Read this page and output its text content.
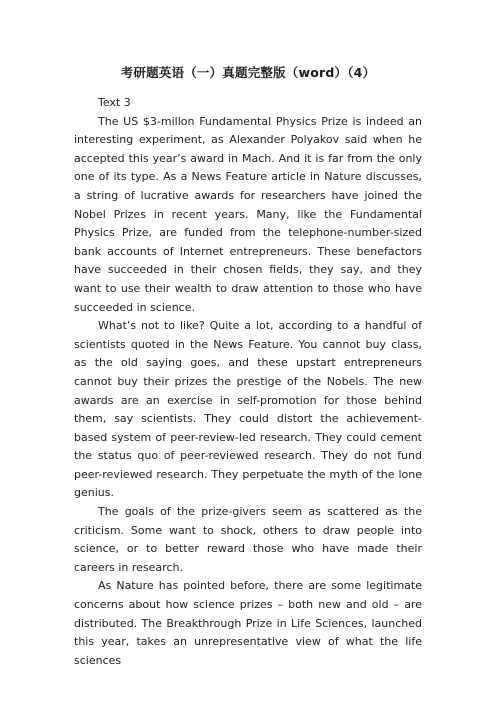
考研题英语（一）真题完整版（word）（4）

Text 3

The US $3-millon Fundamental Physics Prize is indeed an interesting experiment, as Alexander Polyakov said when he accepted this year’s award in Mach. And it is far from the only one of its type. As a News Feature article in Nature discusses, a string of lucrative awards for researchers have joined the Nobel Prizes in recent years. Many, like the Fundamental Physics Prize, are funded from the telephone-number-sized bank accounts of Internet entrepreneurs. These benefactors have succeeded in their chosen fields, they say, and they want to use their wealth to draw attention to those who have succeeded in science.

What’s not to like? Quite a lot, according to a handful of scientists quoted in the News Feature. You cannot buy class, as the old saying goes, and these upstart entrepreneurs cannot buy their prizes the prestige of the Nobels. The new awards are an exercise in self-promotion for those behind them, say scientists. They could distort the achievement-based system of peer-review-led research. They could cement the status quo of peer-reviewed research. They do not fund peer-reviewed research. They perpetuate the myth of the lone genius.

The goals of the prize-givers seem as scattered as the criticism. Some want to shock, others to draw people into science, or to better reward those who have made their careers in research.

As Nature has pointed before, there are some legitimate concerns about how science prizes – both new and old – are distributed. The Breakthrough Prize in Life Sciences, launched this year, takes an unrepresentative view of what the life sciences
